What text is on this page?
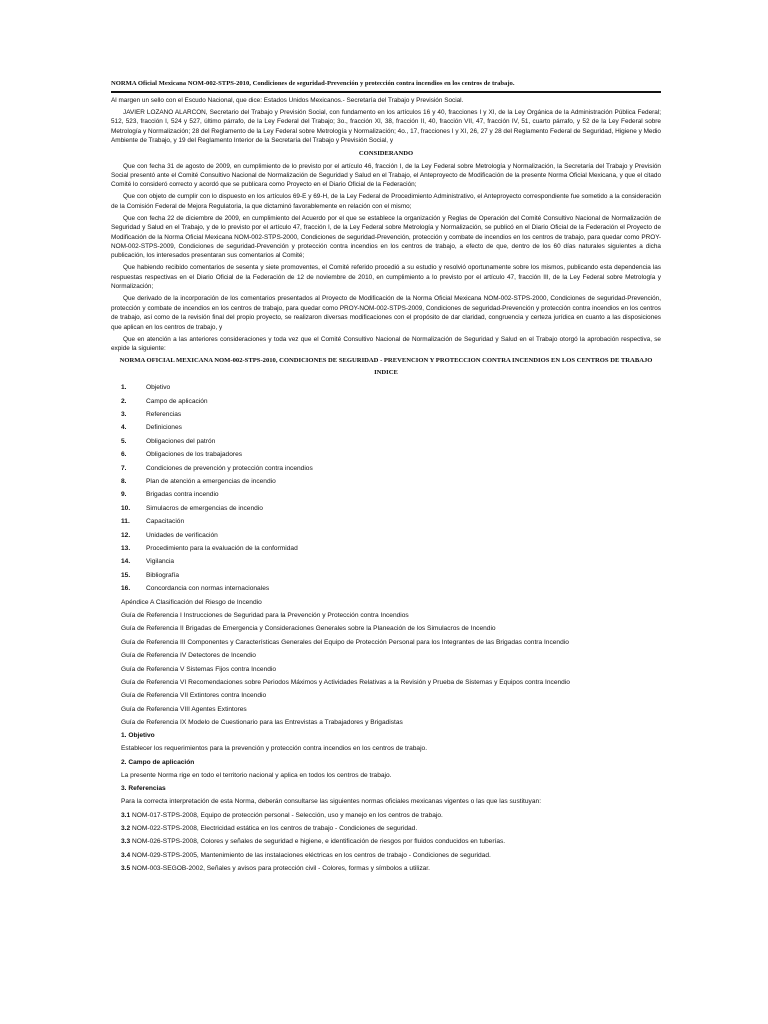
NORMA Oficial Mexicana NOM-002-STPS-2010, Condiciones de seguridad-Prevención y protección contra incendios en los centros de trabajo.

Al margen un sello con el Escudo Nacional, que dice: Estados Unidos Mexicanos.- Secretaría del Trabajo y Previsión Social.

JAVIER LOZANO ALARCON, Secretario del Trabajo y Previsión Social, con fundamento en los artículos 16 y 40, fracciones I y XI, de la Ley Orgánica de la Administración Pública Federal; 512, 523, fracción I, 524 y 527, último párrafo, de la Ley Federal del Trabajo; 3o., fracción XI, 38, fracción II, 40, fracción VII, 47, fracción IV, 51, cuarto párrafo, y 52 de la Ley Federal sobre Metrología y Normalización; 28 del Reglamento de la Ley Federal sobre Metrología y Normalización; 4o., 17, fracciones I y XI, 26, 27 y 28 del Reglamento Federal de Seguridad, Higiene y Medio Ambiente de Trabajo, y 19 del Reglamento Interior de la Secretaría del Trabajo y Previsión Social, y

CONSIDERANDO

Que con fecha 31 de agosto de 2009, en cumplimiento de lo previsto por el artículo 46, fracción I, de la Ley Federal sobre Metrología y Normalización, la Secretaría del Trabajo y Previsión Social presentó ante el Comité Consultivo Nacional de Normalización de Seguridad y Salud en el Trabajo, el Anteproyecto de Modificación de la presente Norma Oficial Mexicana, y que el citado Comité lo consideró correcto y acordó que se publicara como Proyecto en el Diario Oficial de la Federación;

Que con objeto de cumplir con lo dispuesto en los artículos 69-E y 69-H, de la Ley Federal de Procedimiento Administrativo, el Anteproyecto correspondiente fue sometido a la consideración de la Comisión Federal de Mejora Regulatoria, la que dictaminó favorablemente en relación con el mismo;

Que con fecha 22 de diciembre de 2009, en cumplimiento del Acuerdo por el que se establece la organización y Reglas de Operación del Comité Consultivo Nacional de Normalización de Seguridad y Salud en el Trabajo, y de lo previsto por el artículo 47, fracción I, de la Ley Federal sobre Metrología y Normalización, se publicó en el Diario Oficial de la Federación el Proyecto de Modificación de la Norma Oficial Mexicana NOM-002-STPS-2000, Condiciones de seguridad-Prevención, protección y combate de incendios en los centros de trabajo, para quedar como PROY-NOM-002-STPS-2009, Condiciones de seguridad-Prevención y protección contra incendios en los centros de trabajo, a efecto de que, dentro de los 60 días naturales siguientes a dicha publicación, los interesados presentaran sus comentarios al Comité;

Que habiendo recibido comentarios de sesenta y siete promoventes, el Comité referido procedió a su estudio y resolvió oportunamente sobre los mismos, publicando esta dependencia las respuestas respectivas en el Diario Oficial de la Federación de 12 de noviembre de 2010, en cumplimiento a lo previsto por el artículo 47, fracción III, de la Ley Federal sobre Metrología y Normalización;

Que derivado de la incorporación de los comentarios presentados al Proyecto de Modificación de la Norma Oficial Mexicana NOM-002-STPS-2000, Condiciones de seguridad-Prevención, protección y combate de incendios en los centros de trabajo, para quedar como PROY-NOM-002-STPS-2009, Condiciones de seguridad-Prevención y protección contra incendios en los centros de trabajo, así como de la revisión final del propio proyecto, se realizaron diversas modificaciones con el propósito de dar claridad, congruencia y certeza jurídica en cuanto a las disposiciones que aplican en los centros de trabajo, y

Que en atención a las anteriores consideraciones y toda vez que el Comité Consultivo Nacional de Normalización de Seguridad y Salud en el Trabajo otorgó la aprobación respectiva, se expide la siguiente:

NORMA OFICIAL MEXICANA NOM-002-STPS-2010, CONDICIONES DE SEGURIDAD - PREVENCION Y PROTECCION CONTRA INCENDIOS EN LOS CENTROS DE TRABAJO
INDICE
1.	Objetivo
2.	Campo de aplicación
3.	Referencias
4.	Definiciones
5.	Obligaciones del patrón
6.	Obligaciones de los trabajadores
7.	Condiciones de prevención y protección contra incendios
8.	Plan de atención a emergencias de incendio
9.	Brigadas contra incendio
10. Simulacros de emergencias de incendio
11. Capacitación
12. Unidades de verificación
13. Procedimiento para la evaluación de la conformidad
14. Vigilancia
15. Bibliografía
16. Concordancia con normas internacionales
Apéndice A Clasificación del Riesgo de Incendio
Guía de Referencia I Instrucciones de Seguridad para la Prevención y Protección contra Incendios
Guía de Referencia II Brigadas de Emergencia y Consideraciones Generales sobre la Planeación de los Simulacros de Incendio
Guía de Referencia III Componentes y Características Generales del Equipo de Protección Personal para los Integrantes de las Brigadas contra Incendio
Guía de Referencia IV Detectores de Incendio
Guía de Referencia V Sistemas Fijos contra Incendio
Guía de Referencia VI Recomendaciones sobre Periodos Máximos y Actividades Relativas a la Revisión y Prueba de Sistemas y Equipos contra Incendio
Guía de Referencia VII Extintores contra Incendio
Guía de Referencia VIII Agentes Extintores
Guía de Referencia IX Modelo de Cuestionario para las Entrevistas a Trabajadores y Brigadistas
1. Objetivo
Establecer los requerimientos para la prevención y protección contra incendios en los centros de trabajo.
2. Campo de aplicación
La presente Norma rige en todo el territorio nacional y aplica en todos los centros de trabajo.
3. Referencias
Para la correcta interpretación de esta Norma, deberán consultarse las siguientes normas oficiales mexicanas vigentes o las que las sustituyan:
3.1 NOM-017-STPS-2008, Equipo de protección personal - Selección, uso y manejo en los centros de trabajo.
3.2 NOM-022-STPS-2008, Electricidad estática en los centros de trabajo - Condiciones de seguridad.
3.3 NOM-026-STPS-2008, Colores y señales de seguridad e higiene, e identificación de riesgos por fluidos conducidos en tuberías.
3.4 NOM-029-STPS-2005, Mantenimiento de las instalaciones eléctricas en los centros de trabajo - Condiciones de seguridad.
3.5 NOM-003-SEGOB-2002, Señales y avisos para protección civil - Colores, formas y símbolos a utilizar.
